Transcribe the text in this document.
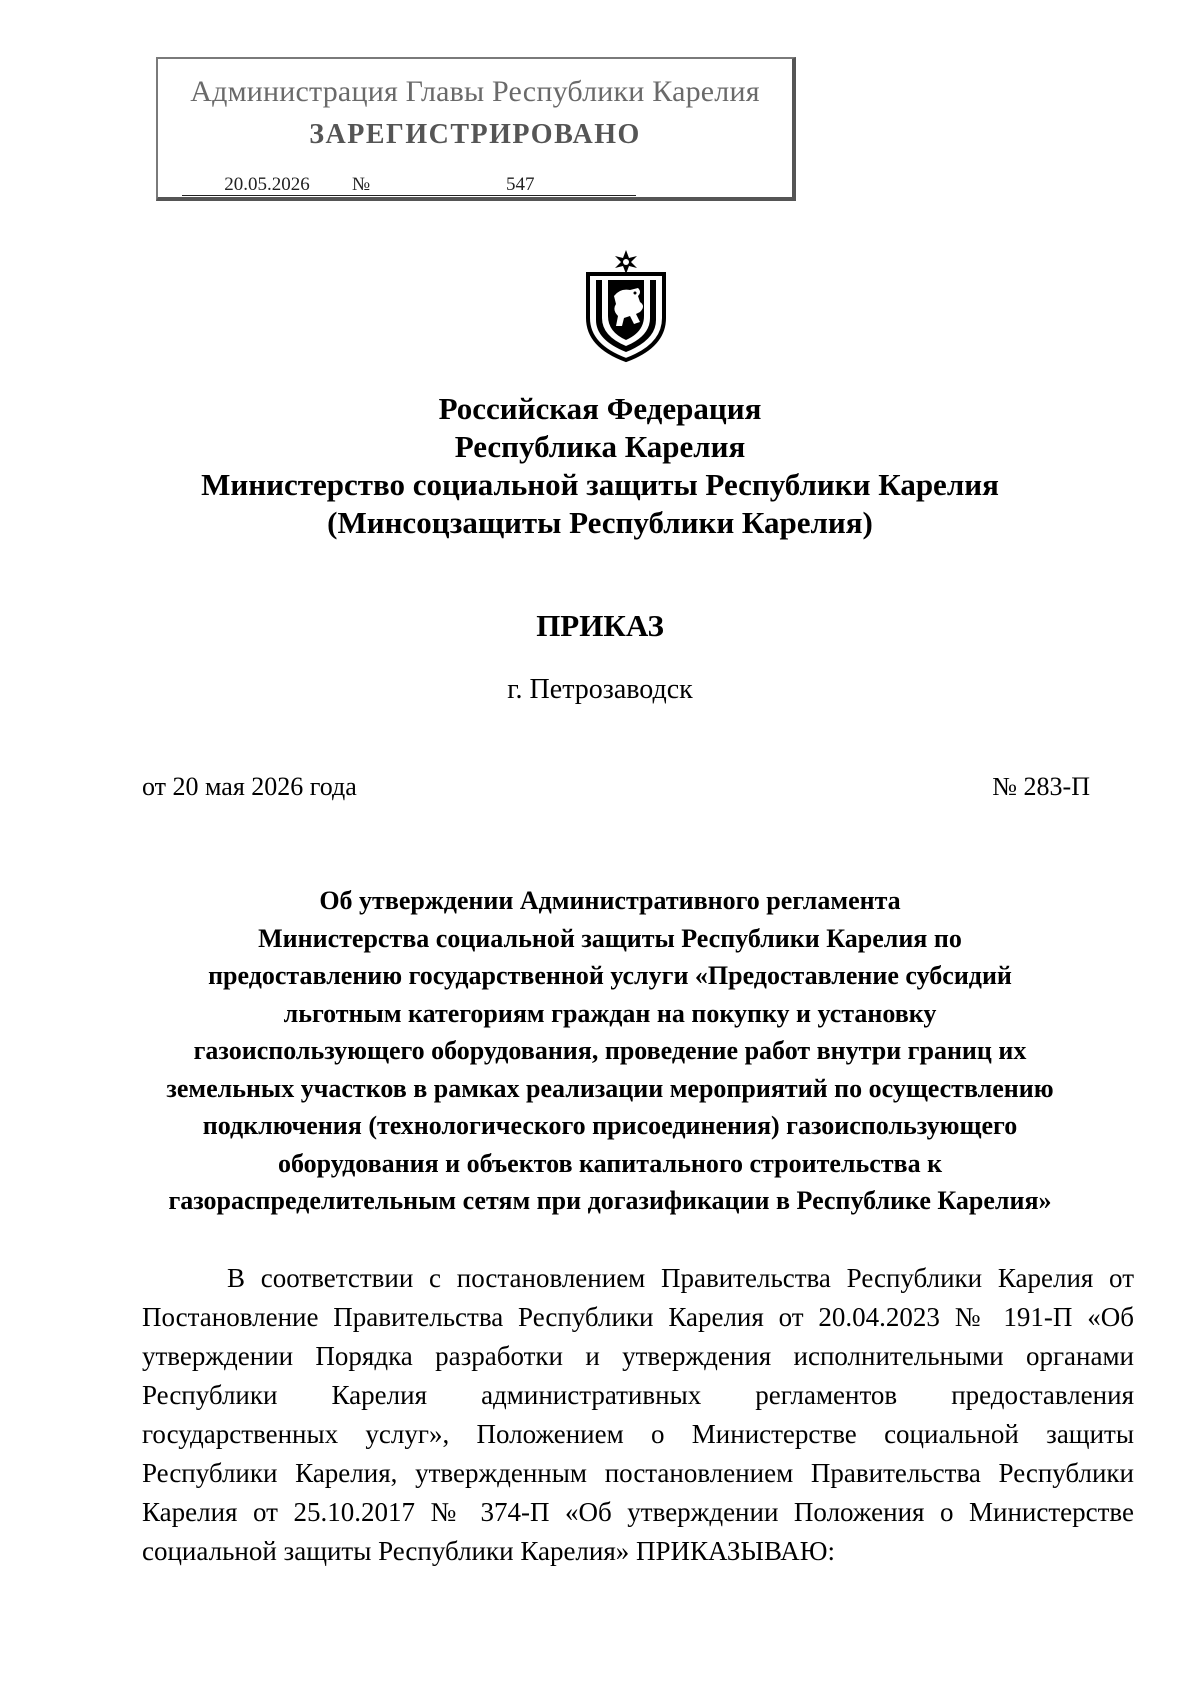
Администрация Главы Республики Карелия
ЗАРЕГИСТРИРОВАНО
20.05.2026 №	547
Российская Федерация
Республика Карелия
Министерство социальной защиты Республики Карелия
(Минсоцзащиты Республики Карелия)
ПРИКАЗ
г. Петрозаводск
от 20 мая 2026 года	№ 283-П
Об утверждении Административного регламента
Министерства социальной защиты Республики Карелия по
предоставлению государственной услуги «Предоставление субсидий
льготным категориям граждан на покупку и установку
газоиспользующего оборудования, проведение работ внутри границ их
земельных участков в рамках реализации мероприятий по осуществлению
подключения (технологического присоединения) газоиспользующего
оборудования и объектов капитального строительства к
газораспределительным сетям при догазификации в Республике Карелия»
В соответствии с постановлением Правительства Республики Карелия от
Постановление Правительства Республики Карелия от 20.04.2023 № 191-П «Об
утверждении Порядка разработки и утверждения исполнительными органами
Республики Карелия административных регламентов предоставления
государственных услуг», Положением о Министерстве социальной защиты
Республики Карелия, утвержденным постановлением Правительства Республики
Карелия от 25.10.2017 № 374-П «Об утверждении Положения о Министерстве
социальной защиты Республики Карелия» ПРИКАЗЫВАЮ:
